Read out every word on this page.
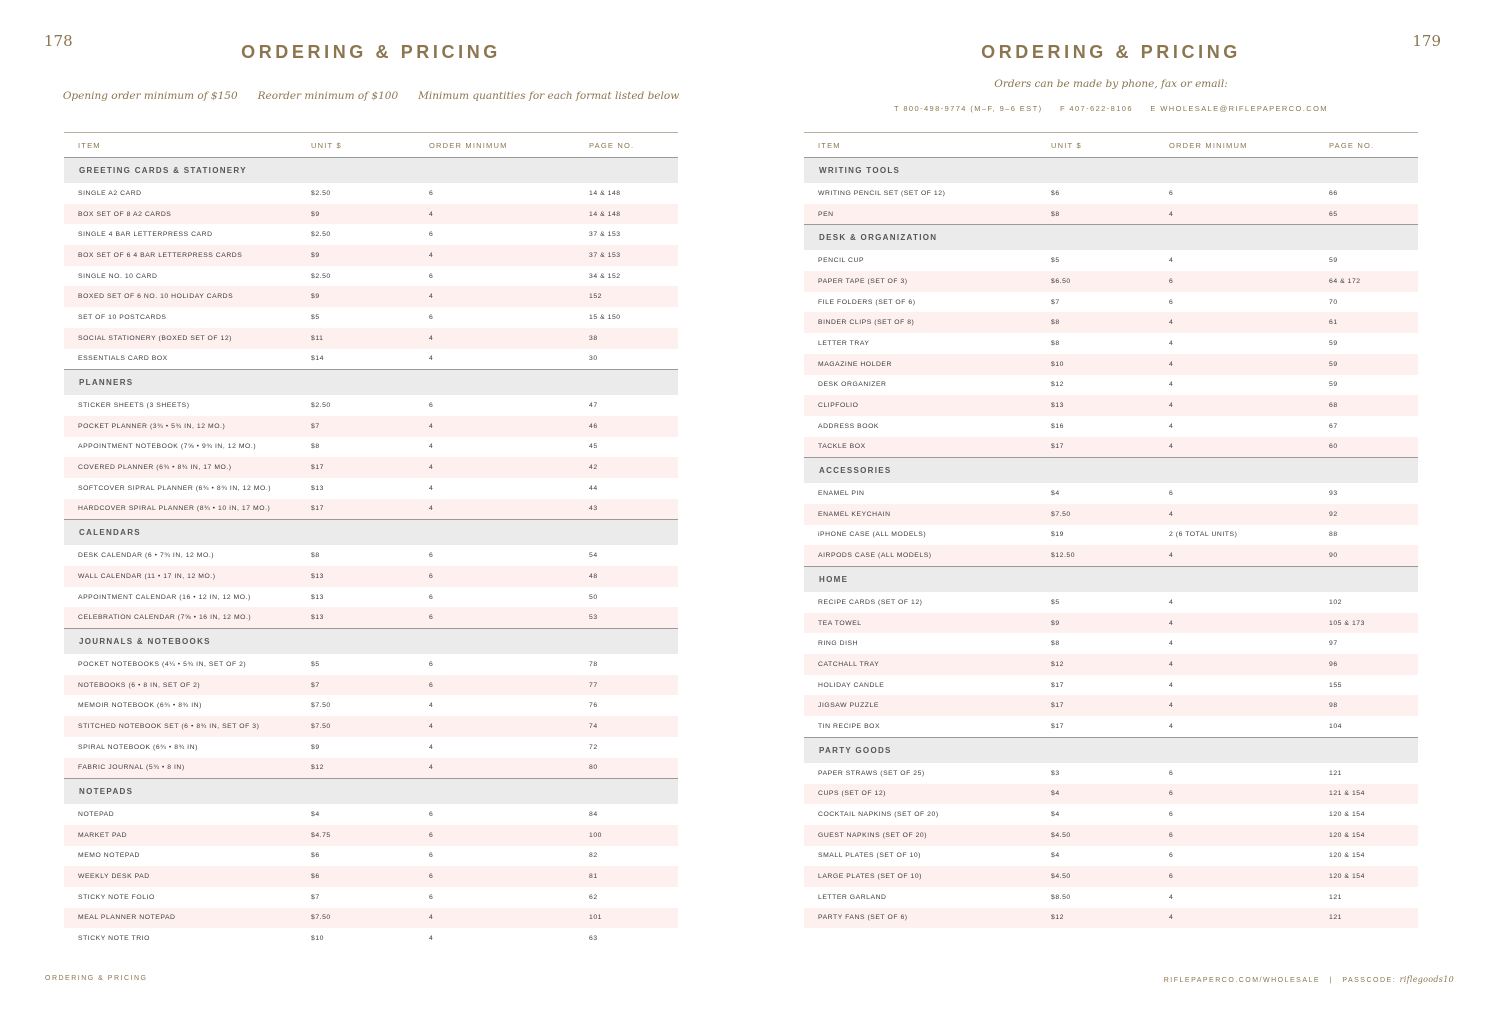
178
ORDERING & PRICING
Opening order minimum of $150 Reorder minimum of $100 Minimum quantities for each format listed below
ITEM	UNIT $	ORDER MINIMUM	PAGE NO.
GREETING CARDS & STATIONERY
SINGLE A2 CARD	$2.50	6	14 & 148
BOX SET OF 8 A2 CARDS	$9	4	14 & 148
SINGLE 4 BAR LETTERPRESS CARD	$2.50	6	37 & 153
BOX SET OF 6 4 BAR LETTERPRESS CARDS	$9	4	37 & 153
SINGLE NO. 10 CARD	$2.50	6	34 & 152
BOXED SET OF 6 NO. 10 HOLIDAY CARDS	$9	4	152
SET OF 10 POSTCARDS	$5	6	15 & 150
SOCIAL STATIONERY (BOXED SET OF 12)	$11	4	38
ESSENTIALS CARD BOX	$14	4	30
PLANNERS
STICKER SHEETS (3 SHEETS)	$2.50	6	47
POCKET PLANNER (3¾ • 5¾ IN, 12 MO.)	$7	4	46
APPOINTMENT NOTEBOOK (7⅝ • 9¾ IN, 12 MO.)	$8	4	45
COVERED PLANNER (6¾ • 8¾ IN, 17 MO.)	$17	4	42
SOFTCOVER SIPRAL PLANNER (6¾ • 8¾ IN, 12 MO.)	$13	4	44
HARDCOVER SPIRAL PLANNER (8¾ • 10 IN, 17 MO.)	$17	4	43
CALENDARS
DESK CALENDAR (6 • 7¾ IN, 12 MO.)	$8	6	54
WALL CALENDAR (11 • 17 IN, 12 MO.)	$13	6	48
APPOINTMENT CALENDAR (16 • 12 IN, 12 MO.)	$13	6	50
CELEBRATION CALENDAR (7⅝ • 16 IN, 12 MO.)	$13	6	53
JOURNALS & NOTEBOOKS
POCKET NOTEBOOKS (4¼ • 5¾ IN, SET OF 2)	$5	6	78
NOTEBOOKS (6 • 8 IN, SET OF 2)	$7	6	77
MEMOIR NOTEBOOK (6¾ • 8¾ IN)	$7.50	4	76
STITCHED NOTEBOOK SET (6 • 8¾ IN, SET OF 3)	$7.50	4	74
SPIRAL NOTEBOOK (6¾ • 8¾ IN)	$9	4	72
FABRIC JOURNAL (5¾ • 8 IN)	$12	4	80
NOTEPADS
NOTEPAD	$4	6	84
MARKET PAD	$4.75	6	100
MEMO NOTEPAD	$6	6	82
WEEKLY DESK PAD	$6	6	81
STICKY NOTE FOLIO	$7	6	62
MEAL PLANNER NOTEPAD	$7.50	4	101
STICKY NOTE TRIO	$10	4	63
ORDERING & PRICING
179
ORDERING & PRICING
Orders can be made by phone, fax or email:
T 800-498-9774 (M–F, 9–6 EST) F 407-622-8106 E WHOLESALE@RIFLEPAPERCO.COM
ITEM	UNIT $	ORDER MINIMUM	PAGE NO.
WRITING TOOLS
WRITING PENCIL SET (SET OF 12)	$6	6	66
PEN	$8	4	65
DESK & ORGANIZATION
PENCIL CUP	$5	4	59
PAPER TAPE (SET OF 3)	$6.50	6	64 & 172
FILE FOLDERS (SET OF 6)	$7	6	70
BINDER CLIPS (SET OF 8)	$8	4	61
LETTER TRAY	$8	4	59
MAGAZINE HOLDER	$10	4	59
DESK ORGANIZER	$12	4	59
CLIPFOLIO	$13	4	68
ADDRESS BOOK	$16	4	67
TACKLE BOX	$17	4	60
ACCESSORIES
ENAMEL PIN	$4	6	93
ENAMEL KEYCHAIN	$7.50	4	92
iPHONE CASE (ALL MODELS)	$19	2 (6 TOTAL UNITS)	88
AIRPODS CASE (ALL MODELS)	$12.50	4	90
HOME
RECIPE CARDS (SET OF 12)	$5	4	102
TEA TOWEL	$9	4	105 & 173
RING DISH	$8	4	97
CATCHALL TRAY	$12	4	96
HOLIDAY CANDLE	$17	4	155
JIGSAW PUZZLE	$17	4	98
TIN RECIPE BOX	$17	4	104
PARTY GOODS
PAPER STRAWS (SET OF 25)	$3	6	121
CUPS (SET OF 12)	$4	6	121 & 154
COCKTAIL NAPKINS (SET OF 20)	$4	6	120 & 154
GUEST NAPKINS (SET OF 20)	$4.50	6	120 & 154
SMALL PLATES (SET OF 10)	$4	6	120 & 154
LARGE PLATES (SET OF 10)	$4.50	6	120 & 154
LETTER GARLAND	$8.50	4	121
PARTY FANS (SET OF 6)	$12	4	121
RIFLEPAPERCO.COM/WHOLESALE | PASSCODE: riflegoods10
